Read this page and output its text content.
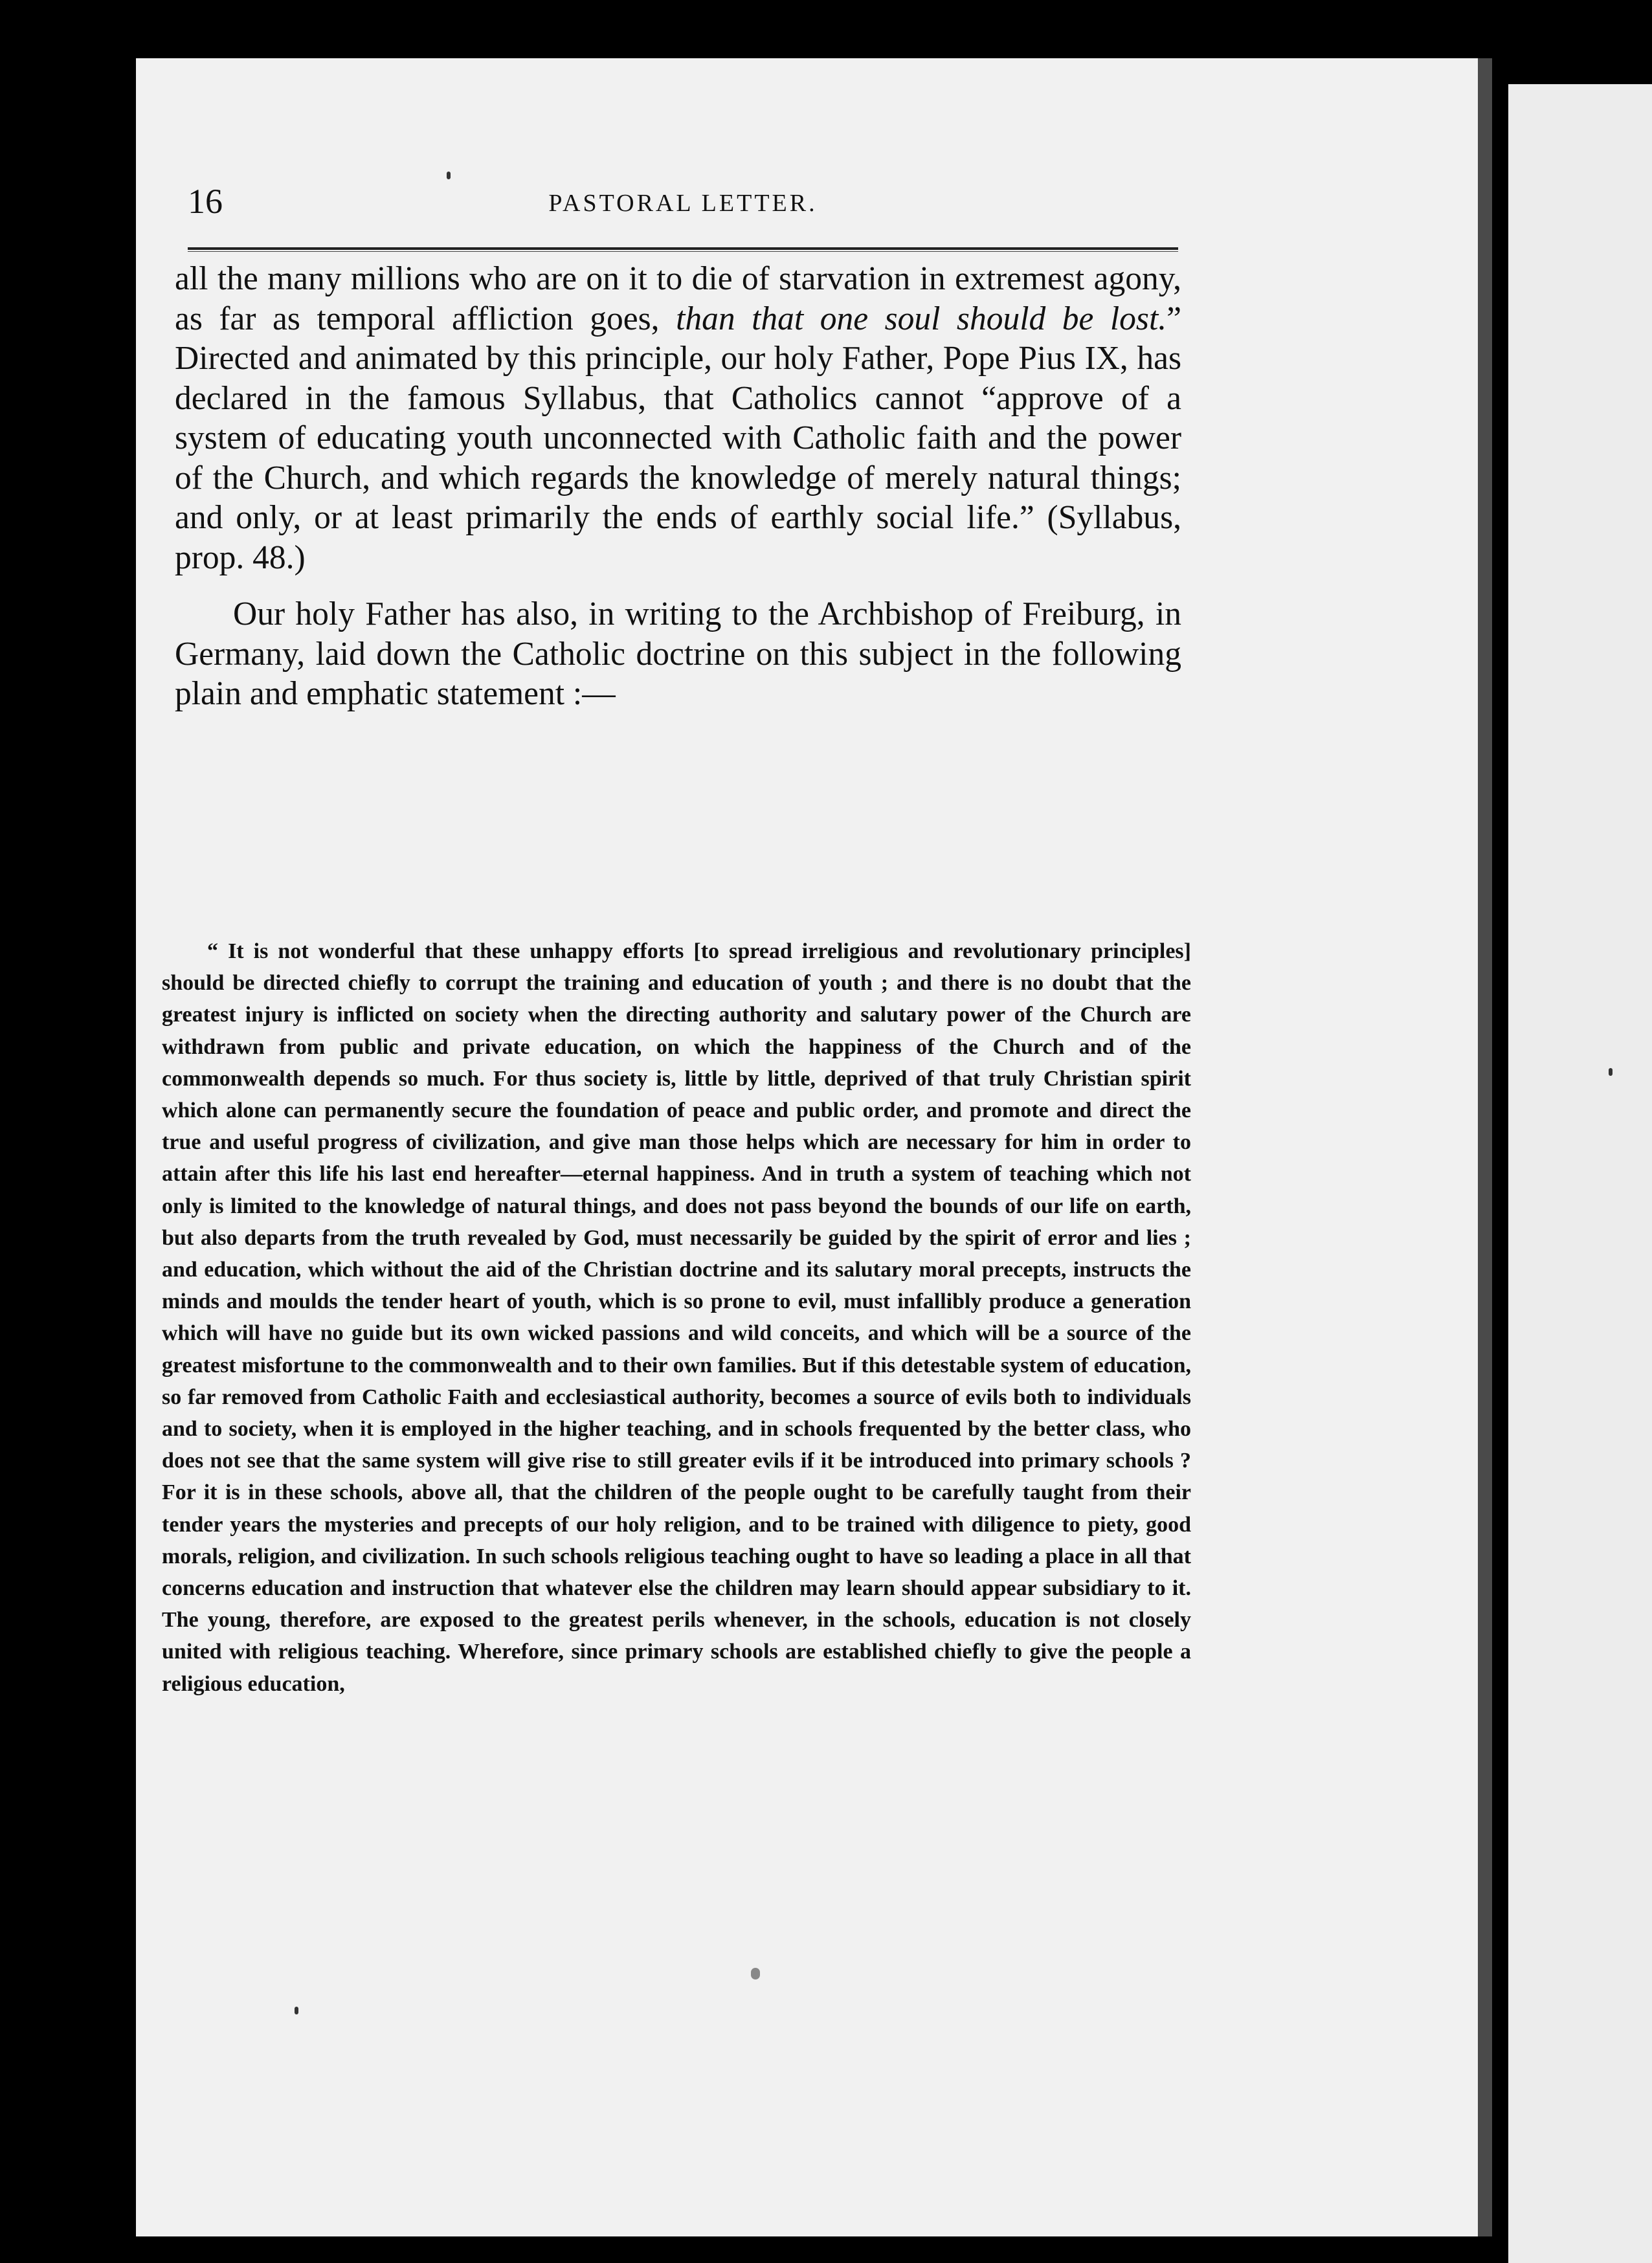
16	PASTORAL LETTER.

all the many millions who are on it to die of starvation in extremest agony, as far as temporal affliction goes, than that one soul should be lost.” Directed and animated by this principle, our holy Father, Pope Pius IX, has declared in the famous Syllabus, that Catholics cannot “approve of a system of educating youth unconnected with Catholic faith and the power of the Church, and which regards the knowledge of merely natural things; and only, or at least primarily the ends of earthly social life.” (Syllabus, prop. 48.)

Our holy Father has also, in writing to the Archbishop of Freiburg, in Germany, laid down the Catholic doctrine on this subject in the following plain and emphatic statement :—

“ It is not wonderful that these unhappy efforts [to spread irreligious and revolutionary principles] should be directed chiefly to corrupt the training and education of youth ; and there is no doubt that the greatest injury is inflicted on society when the directing authority and salutary power of the Church are withdrawn from public and private education, on which the happiness of the Church and of the commonwealth depends so much. For thus society is, little by little, deprived of that truly Christian spirit which alone can permanently secure the foundation of peace and public order, and promote and direct the true and useful progress of civilization, and give man those helps which are necessary for him in order to attain after this life his last end hereafter—eternal happiness. And in truth a system of teaching which not only is limited to the knowledge of natural things, and does not pass beyond the bounds of our life on earth, but also departs from the truth revealed by God, must necessarily be guided by the spirit of error and lies ; and education, which without the aid of the Christian doctrine and its salutary moral precepts, instructs the minds and moulds the tender heart of youth, which is so prone to evil, must infallibly produce a generation which will have no guide but its own wicked passions and wild conceits, and which will be a source of the greatest misfortune to the commonwealth and to their own families. But if this detestable system of education, so far removed from Catholic Faith and ecclesiastical authority, becomes a source of evils both to individuals and to society, when it is employed in the higher teaching, and in schools frequented by the better class, who does not see that the same system will give rise to still greater evils if it be introduced into primary schools ? For it is in these schools, above all, that the children of the people ought to be carefully taught from their tender years the mysteries and precepts of our holy religion, and to be trained with diligence to piety, good morals, religion, and civilization. In such schools religious teaching ought to have so leading a place in all that concerns education and instruction that whatever else the children may learn should appear subsidiary to it. The young, therefore, are exposed to the greatest perils whenever, in the schools, education is not closely united with religious teaching. Wherefore, since primary schools are established chiefly to give the people a religious education,
